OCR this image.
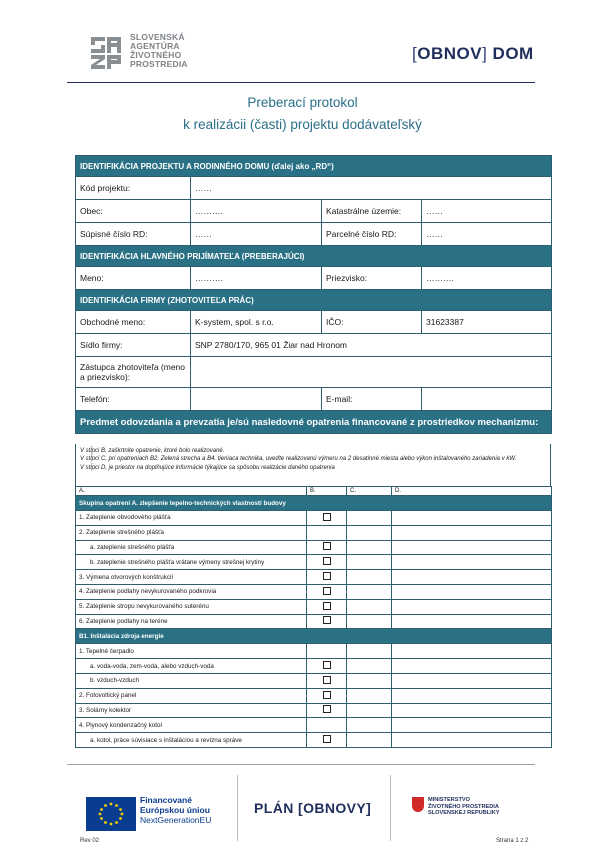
SLOVENSKÁ
AGENTÚRA
ŽIVOTNÉHO
PROSTREDIA
[OBNOV] DOM
Preberací protokol
k realizácii (časti) projektu dodávateľský
IDENTIFIKÁCIA PROJEKTU A RODINNÉHO DOMU (ďalej ako „RD“)			
Kód projektu:	……		
Obec:	……….	Katastrálne územie:	……
Súpisné číslo RD:	……	Parcelné číslo RD:	……
IDENTIFIKÁCIA HLAVNÉHO PRIJÍMATEĽA (PREBERAJÚCI)			
Meno:	……….	Priezvisko:	……….
IDENTIFIKÁCIA FIRMY (ZHOTOVITEĽA PRÁC)			
Obchodné meno:	K-system, spol. s r.o.	IČO:	31623387
Sídlo firmy:	SNP 2780/170, 965 01 Žiar nad Hronom		
Zástupca zhotoviteľa (meno a priezvisko):			
Telefón:		E-mail:	
Predmet odovzdania a prevzatia je/sú nasledovné opatrenia financované z prostriedkov mechanizmu:			
V stĺpci B, zaškrtnite opatrenie, ktoré bolo realizované.
V stĺpci C, pri opatreniach B2. Zelená strecha a B4. tieniaca technika, uveďte realizovanú výmeru na 2 desatinné miesta alebo výkon inštalovaného zariadenia v kW.
V stĺpci D, je priestor na doplňujúce informácie týkajúce sa spôsobu realizácie daného opatrenia
A.	B.	C.	D.
Skupina opatrení A. zlepšenie tepelno-technických vlastností budovy			
1. Zateplenie obvodového plášťa			
2. Zateplenie strešného plášťa			
a. zateplenie strešného plášťa			
b. zateplenie strešného plášťa vrátane výmeny strešnej krytiny			
3. Výmena otvorových konštrukcií			
4. Zateplenie podlahy nevykurovaného podkrovia			
5. Zateplenie stropu nevykurovaného suterénu			
6. Zateplenie podlahy na teréne			
B1. Inštalácia zdroja energie			
1. Tepelné čerpadlo			
a. voda-voda, zem-voda, alebo vzduch-voda			
b. vzduch-vzduch			
2. Fotovoltický panel			
3. Solárny kolektor			
4. Plynový kondenzačný kotol			
a. kotol, práce súvisiace s inštaláciou a revízna správe			
Financované
Európskou úniou
NextGenerationEU
PLÁN [OBNOVY]	MINISTERSTVO
ŽIVOTNÉHO PROSTREDIA
SLOVENSKEJ REPUBLIKY
Rev 02	Strana 1 z 2
